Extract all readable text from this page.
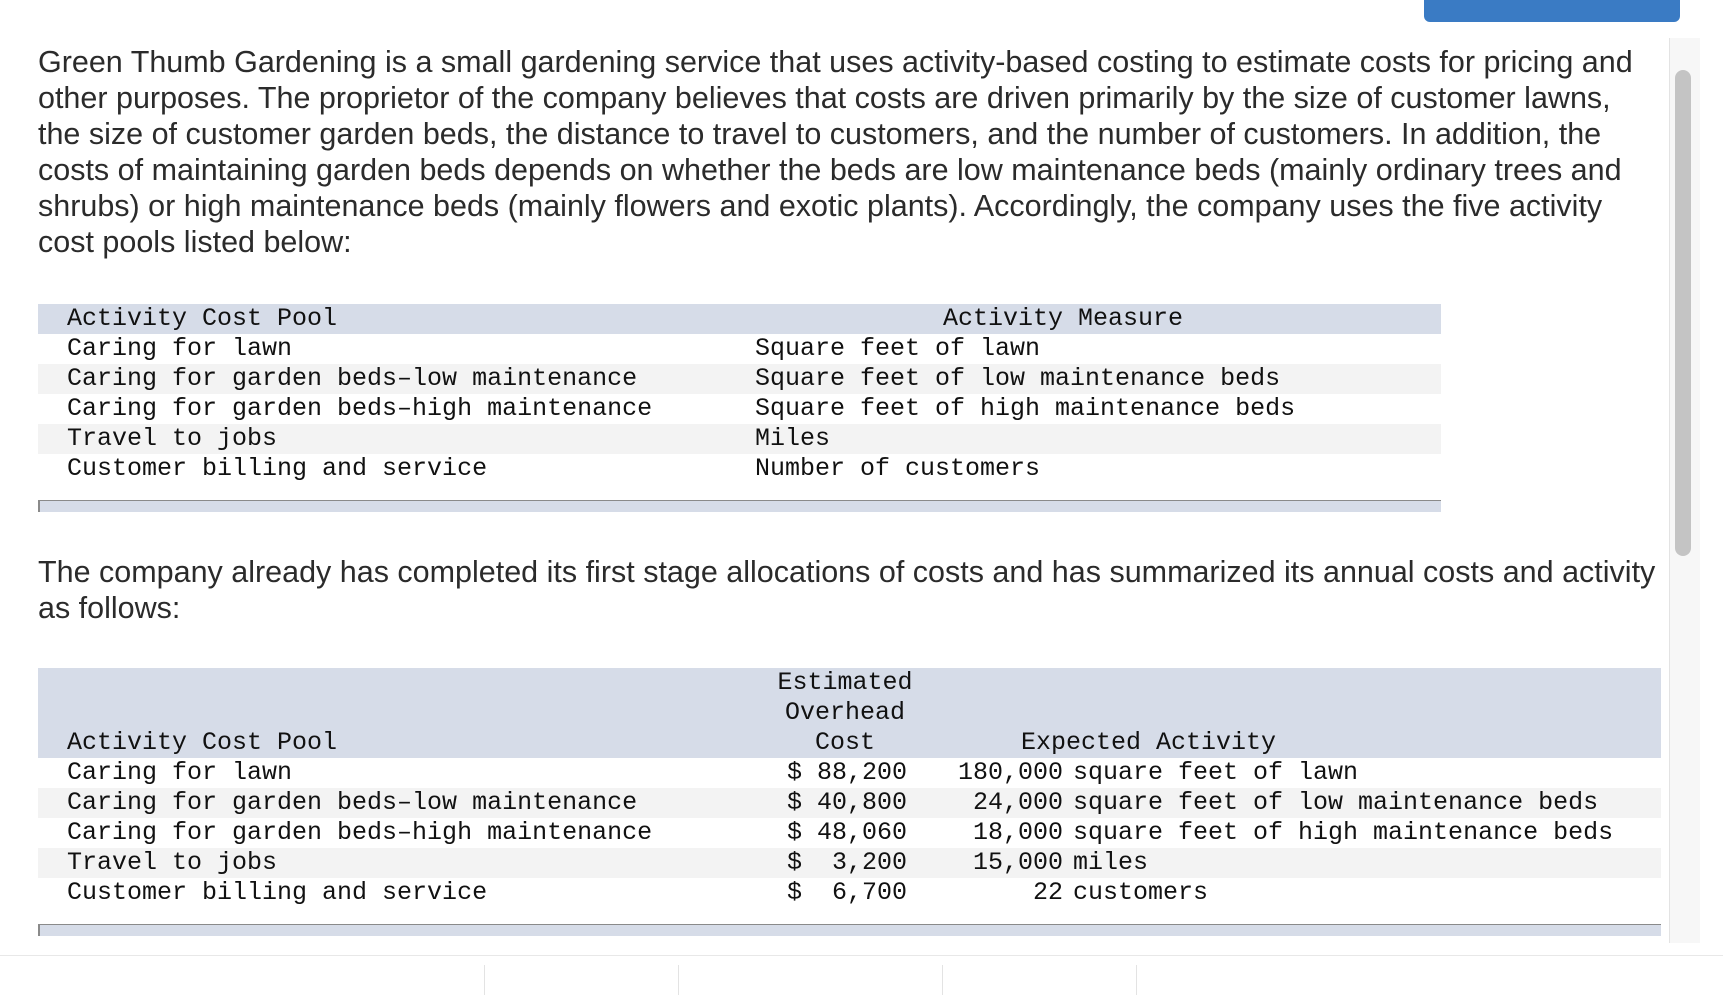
Green Thumb Gardening is a small gardening service that uses activity-based costing to estimate costs for pricing and other purposes. The proprietor of the company believes that costs are driven primarily by the size of customer lawns, the size of customer garden beds, the distance to travel to customers, and the number of customers. In addition, the costs of maintaining garden beds depends on whether the beds are low maintenance beds (mainly ordinary trees and shrubs) or high maintenance beds (mainly flowers and exotic plants). Accordingly, the company uses the five activity cost pools listed below:

Activity Cost Pool	Activity Measure
Caring for lawn	Square feet of lawn
Caring for garden beds–low maintenance	Square feet of low maintenance beds
Caring for garden beds–high maintenance	Square feet of high maintenance beds
Travel to jobs	Miles
Customer billing and service	Number of customers

The company already has completed its first stage allocations of costs and has summarized its annual costs and activity as follows:

	Estimated		
	Overhead		
Activity Cost Pool	Cost	Expected Activity	
Caring for lawn	$ 88,200	180,000	square feet of lawn
Caring for garden beds–low maintenance	$ 40,800	24,000	square feet of low maintenance beds
Caring for garden beds–high maintenance	$ 48,060	18,000	square feet of high maintenance beds
Travel to jobs	$  3,200	15,000	miles
Customer billing and service	$  6,700	22	customers
